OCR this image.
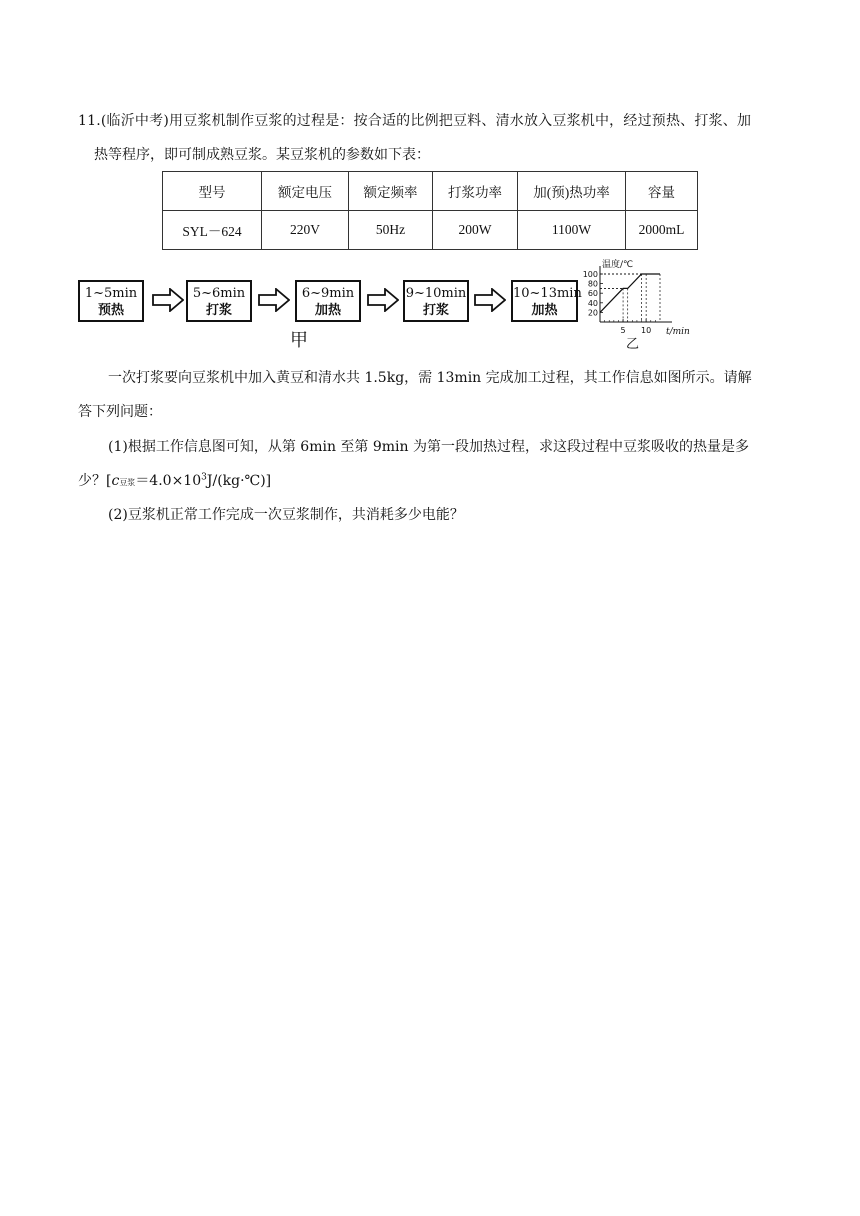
11.(临沂中考)用豆浆机制作豆浆的过程是：按合适的比例把豆料、清水放入豆浆机中，经过预热、打浆、加
热等程序，即可制成熟豆浆。某豆浆机的参数如下表：
型号	额定电压	额定频率	打浆功率	加(预)热功率	容量
SYL－624	220V	50Hz	200W	1100W	2000mL
1~5min
预热
5~6min
打浆
6~9min
加热
9~10min
打浆
10~13min
加热
甲
温度/℃
t/min
20
40
60
80
100
5 10
乙
一次打浆要向豆浆机中加入黄豆和清水共 1.5kg，需 13min 完成加工过程，其工作信息如图所示。请解
答下列问题：
(1)根据工作信息图可知，从第 6min 至第 9min 为第一段加热过程，求这段过程中豆浆吸收的热量是多
少？[c豆浆$=4.0\times 10^3J/(kg\cdot℃)$]
(2)豆浆机正常工作完成一次豆浆制作，共消耗多少电能？
